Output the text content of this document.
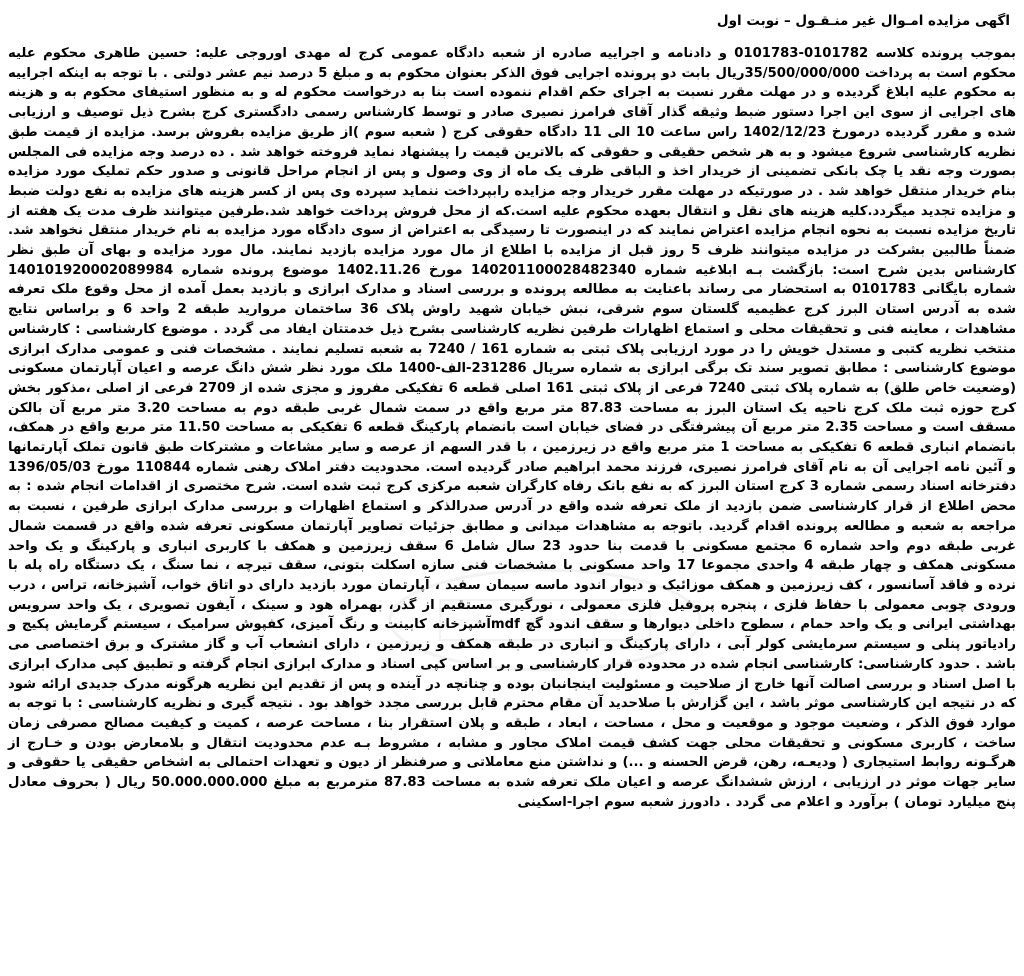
اگهی مزایده امـوال غیر منـقـول – نوبت اول

بموجب پرونده کلاسه 0101783-0101782 و دادنامه و اجراییه صادره از شعبه دادگاه عمومی کرج له مهدی اوروجی علیه: حسین طاهری محکوم علیه محکوم است به پرداخت 35/500/000/000ریال بابت دو پرونده اجرایی فوق الذکر بعنوان محکوم به و مبلغ 5 درصد نیم عشر دولتی . با توجه به اینکه اجراییه به محکوم علیه ابلاغ گردیده و در مهلت مقرر نسبت به اجرای حکم اقدام ننموده است بنا به درخواست محکوم له و به منظور استیفای محکوم به و هزینه های اجرایی از سوی این اجرا دستور ضبط وثیقه گذار آقای فرامرز نصیری صادر و توسط کارشناس رسمی دادگستری کرج بشرح ذیل توصیف و ارزیابی شده و مقرر گردیده درمورخ 1402/12/23 راس ساعت 10 الی 11 دادگاه حقوقی کرج ( شعبه سوم )از طریق مزایده بفروش برسد. مزایده از قیمت طبق نظریه کارشناسی شروع میشود و به هر شخص حقیقی و حقوقی که بالاترین قیمت را پیشنهاد نماید فروخته خواهد شد . ده درصد وجه مزایده فی المجلس بصورت وجه نقد یا چک بانکی تضمینی از خریدار اخذ و الباقی ظرف یک ماه از وی وصول و پس از انجام مراحل قانونی و صدور حکم تملیک مورد مزایده بنام خریدار منتقل خواهد شد . در صورتیکه در مهلت مقرر خریدار وجه مزایده رابپرداخت ننماید سپرده وی پس از کسر هزینه های مزایده به نفع دولت ضبط و مزایده تجدید میگردد.کلیه هزینه های نقل و انتقال بعهده محکوم علیه است.که از محل فروش پرداخت خواهد شد.طرفین میتوانند ظرف مدت یک هفته از تاریخ مزایده نسبت به نحوه انجام مزایده اعتراض نمایند که در اینصورت تا رسیدگی به اعتراض از سوی دادگاه مورد مزایده به نام خریدار منتقل نخواهد شد. ضمناً طالبین بشرکت در مزایده میتوانند ظرف 5 روز قبل از مزایده با اطلاع از مال مورد مزایده بازدید نمایند. مال مورد مزایده و بهای آن طبق نظر کارشناس بدین شرح است: بازگشت بـه ابلاغیه شماره 140201100028482340 مورخ 1402.11.26 موضوع پرونده شماره 140101920002089984 شماره بایگانی 0101783 به استحضار می رساند باعنایت به مطالعه پرونده و بررسی اسناد و مدارک ابرازی و بازدید بعمل آمده از محل وقوع ملک تعرفه شده به آدرس استان البرز کرج عظیمیه گلستان سوم شرقی، نبش خیابان شهید راوش پلاک 36 ساختمان مروارید طبقه 2 واحد 6 و براساس نتایج مشاهدات ، معاینه فنی و تحقیقات محلی و استماع اظهارات طرفین نظریه کارشناسی بشرح ذیل خدمتتان ایفاد می گردد . موضوع کارشناسی : کارشناس منتخب نظریه کتبی و مستدل خویش را در مورد ارزیابی پلاک ثبتی به شماره 161 / 7240 به شعبه تسلیم نمایند . مشخصات فنی و عمومی مدارک ابرازی موضوع کارشناسی : مطابق تصویر سند تک برگی ابرازی به شماره سریال 231286-الف-1400 ملک مورد نظر شش دانگ عرصه و اعیان آپارتمان مسکونی (وضعیت خاص طلق) به شماره پلاک ثبتی 7240 فرعی از پلاک ثبتی 161 اصلی قطعه 6 تفکیکی مفروز و مجزی شده از 2709 فرعی از اصلی ،مذکور بخش کرج حوزه ثبت ملک کرج ناحیه یک استان البرز به مساحت 87.83 متر مربع واقع در سمت شمال غربی طبقه دوم به مساحت 3.20 متر مربع آن بالکن مسقف است و مساحت 2.35 متر مربع آن پیشرفتگی در فضای خیابان است بانضمام پارکینگ قطعه 6 تفکیکی به مساحت 11.50 متر مربع واقع در همکف، بانضمام انباری قطعه 6 تفکیکی به مساحت 1 متر مربع واقع در زیرزمین ، با قدر السهم از عرصه و سایر مشاعات و مشترکات طبق قانون تملک آپارتمانها و آئین نامه اجرایی آن به نام آقای فرامرز نصیری، فرزند محمد ابراهیم صادر گردیده است. محدودیت دفتر املاک رهنی شماره 110844 مورخ 1396/05/03 دفترخانه اسناد رسمی شماره 3 کرج استان البرز که به نفع بانک رفاه کارگران شعبه مرکزی کرج ثبت شده است. شرح مختصری از اقدامات انجام شده : به محض اطلاع از قرار کارشناسی ضمن بازدید از ملک تعرفه شده واقع در آدرس صدرالذکر و استماع اظهارات و بررسی مدارک ابرازی طرفین ، نسبت به مراجعه به شعبه و مطالعه پرونده اقدام گردید. باتوجه به مشاهدات میدانی و مطابق جزئیات تصاویر آپارتمان مسکونی تعرفه شده واقع در قسمت شمال غربی طبقه دوم واحد شماره 6 مجتمع مسکونی با قدمت بنا حدود 23 سال شامل 6 سقف زیرزمین و همکف با کاربری انباری و پارکینگ و یک واحد مسکونی همکف و چهار طبقه 4 واحدی مجموعا 17 واحد مسکونی با مشخصات فنی سازه اسکلت بتونی، سقف تیرچه ، نما سنگ ، یک دستگاه راه پله با نرده و فاقد آسانسور ، کف زیرزمین و همکف موزائیک و دیوار اندود ماسه سیمان سفید ، آپارتمان مورد بازدید دارای دو اتاق خواب، آشپزخانه، تراس ، درب ورودی چوبی معمولی با حفاظ فلزی ، پنجره پروفیل فلزی معمولی ، نورگیری مستقیم از گذر، بهمراه هود و سینک ، آیفون تصویری ، یک واحد سرویس بهداشتی ایرانی و یک واحد حمام ، سطوح داخلی دیوارها و سقف اندود گچ mdfآشپزخانه کابینت و رنگ آمیزی، کفپوش سرامیک ، سیستم گرمایش پکیج و رادیاتور پنلی و سیستم سرمایشی کولر آبی ، دارای پارکینگ و انباری در طبقه همکف و زیرزمین ، دارای انشعاب آب و گاز مشترک و برق اختصاصی می باشد . حدود کارشناسی: کارشناسی انجام شده در محدوده قرار کارشناسی و بر اساس کپی اسناد و مدارک ابرازی انجام گرفته و تطبیق کپی مدارک ابرازی با اصل اسناد و بررسی اصالت آنها خارج از صلاحیت و مسئولیت اینجانبان بوده و چنانچه در آینده و پس از تقدیم این نظریه هرگونه مدرک جدیدی ارائه شود که در نتیجه این کارشناسی موثر باشد ، این گزارش با صلاحدید آن مقام محترم قابل بررسی مجدد خواهد بود . نتیجه گیری و نظریه کارشناسی : با توجه به موارد فوق الذکر ، وضعیت موجود و موقعیت و محل ، مساحت ، ابعاد ، طبقه و پلان استقرار بنا ، مساحت عرصه ، کمیت و کیفیت مصالح مصرفی زمان ساخت ، کاربری مسکونی و تحقیقات محلی جهت کشف قیمت املاک مجاور و مشابه ، مشروط بـه عدم محدودیت انتقال و بلامعارض بودن و خـارج از هرگـونه روابط استیجاری ( ودیعـه، رهن، قرض الحسنه و ...) و نداشتن منع معاملاتی و صرفنظر از دیون و تعهدات احتمالی به اشخاص حقیقی یا حقوقی و سایر جهات موثر در ارزیابی ، ارزش ششدانگ عرصه و اعیان ملک تعرفه شده به مساحت 87.83 مترمربع به مبلغ 50.000.000.000 ریال ( بحروف معادل پنج میلیارد تومان ) برآورد و اعلام می گردد . دادورز شعبه سوم اجرا-اسکینی
